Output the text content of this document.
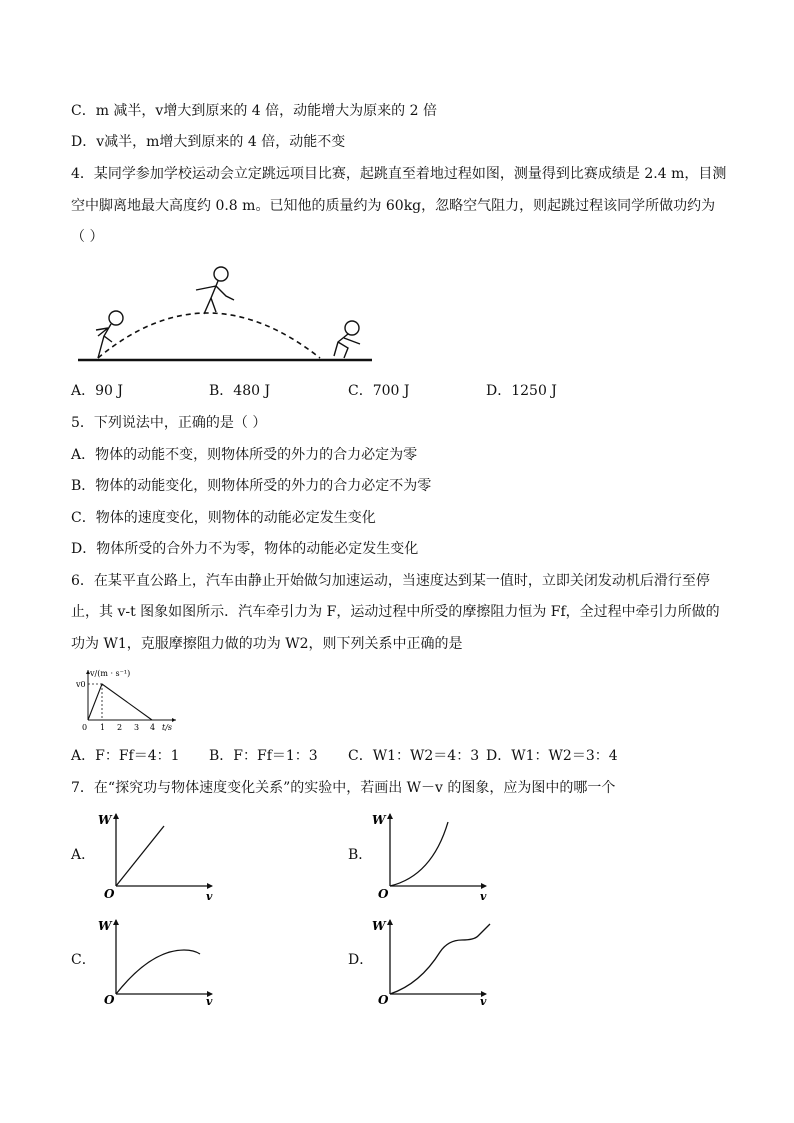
C．m 减半，v增大到原来的 4 倍，动能增大为原来的 2 倍
D．v减半，m增大到原来的 4 倍，动能不变
4．某同学参加学校运动会立定跳远项目比赛，起跳直至着地过程如图，测量得到比赛成绩是 2.4 m，目测
空中脚离地最大高度约 0.8 m。已知他的质量约为 60kg，忽略空气阻力，则起跳过程该同学所做功约为
（ ）
A．90 J	B．480 J	C．700 J	D．1250 J
5．下列说法中，正确的是（ ）
A．物体的动能不变，则物体所受的外力的合力必定为零
B．物体的动能变化，则物体所受的外力的合力必定不为零
C．物体的速度变化，则物体的动能必定发生变化
D．物体所受的合外力不为零，物体的动能必定发生变化
6．在某平直公路上，汽车由静止开始做匀加速运动，当速度达到某一值时，立即关闭发动机后滑行至停
止，其 v-t 图象如图所示．汽车牵引力为 F，运动过程中所受的摩擦阻力恒为 Ff，全过程中牵引力所做的
功为 W1，克服摩擦阻力做的功为 W2，则下列关系中正确的是
v/(m · s⁻¹)
v0
0 1 2 3 4 t/s
A．F：Ff＝4：1 B．F：Ff＝1：3 C．W1：W2＝4：3 D．W1：W2＝3：4
7．在“探究功与物体速度变化关系”的实验中，若画出 W－v 的图象，应为图中的哪一个
A．
W
O	v
B．
W
O	v
C．
W
O	v
D．
W
O	v
